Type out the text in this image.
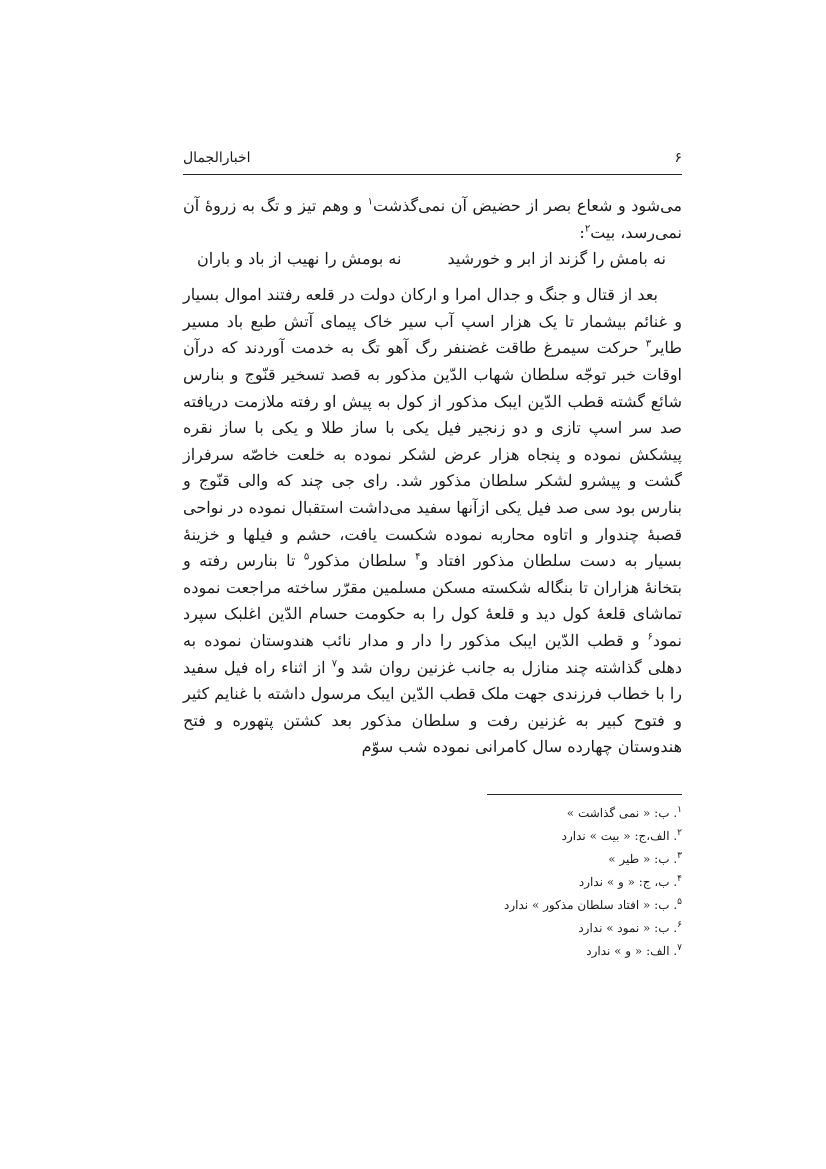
اخبارالجمال	۶

می‌شود و شعاع بصر از حضیض آن نمی‌گذشت$^۱$ و وهم تیز و تگ به زروهٔ آن نمی‌رسد، بیت$^۲$:

نه بامش را گزند از ابر و خورشید
نه بومش را نهیب از باد و باران

بعد از قتال و جنگ و جدال امرا و ارکان دولت در قلعه رفتند اموال بسیار و غنائم بیشمار تا یک هزار اسپ آب سیر خاک پیمای آتش طبع باد مسیر طایر$^۳$ حرکت سیمرغ طاقت غضنفر رگ آهو تگ به خدمت آوردند که درآن اوقات خبر توجّه سلطان شهاب الدّین مذکور به قصد تسخیر قنّوج و بنارس شائع گشته قطب الدّین ایبک مذکور از کول به پیش او رفته ملازمت دریافته صد سر اسپ تازی و دو زنجیر فیل یکی با ساز طلا و یکی با ساز نقره پیشکش نموده و پنجاه هزار عرض لشکر نموده به خلعت خاصّه سرفراز گشت و پیشرو لشکر سلطان مذکور شد. رای جی چند که والی قنّوج و بنارس بود سی صد فیل یکی ازآنها سفید می‌داشت استقبال نموده در نواحی قصبهٔ چندوار و اتاوه محاربه نموده شکست یافت، حشم و فیلها و خزینهٔ بسیار به دست سلطان مذکور افتاد و$^۴$ سلطان مذکور$^۵$ تا بنارس رفته و بتخانهٔ هزاران تا بنگاله شکسته مسکن مسلمین مقرّر ساخته مراجعت نموده تماشای قلعهٔ کول دید و قلعهٔ کول را به حکومت حسام الدّین اغلبک سپرد نمود$^۶$ و قطب الدّین ایبک مذکور را دار و مدار نائب هندوستان نموده به دهلی گذاشته چند منازل به جانب غزنین روان شد و$^۷$ از اثناء راه فیل سفید را با خطاب فرزندی جهت ملک قطب الدّین ایبک مرسول داشته با غنایم کثیر و فتوح کبیر به غزنین رفت و سلطان مذکور بعد کشتن پتهوره و فتح هندوستان چهارده سال کامرانی نموده شب سوّم

$^۱$. ب: « نمی گذاشت »
$^۲$. الف،ج: « بیت » ندارد
$^۳$. ب: « طیر »
$^۴$. ب، ج: « و » ندارد
$^۵$. ب: « افتاد سلطان مذکور » ندارد
$^۶$. ب: « نمود » ندارد
$^۷$. الف: « و » ندارد
